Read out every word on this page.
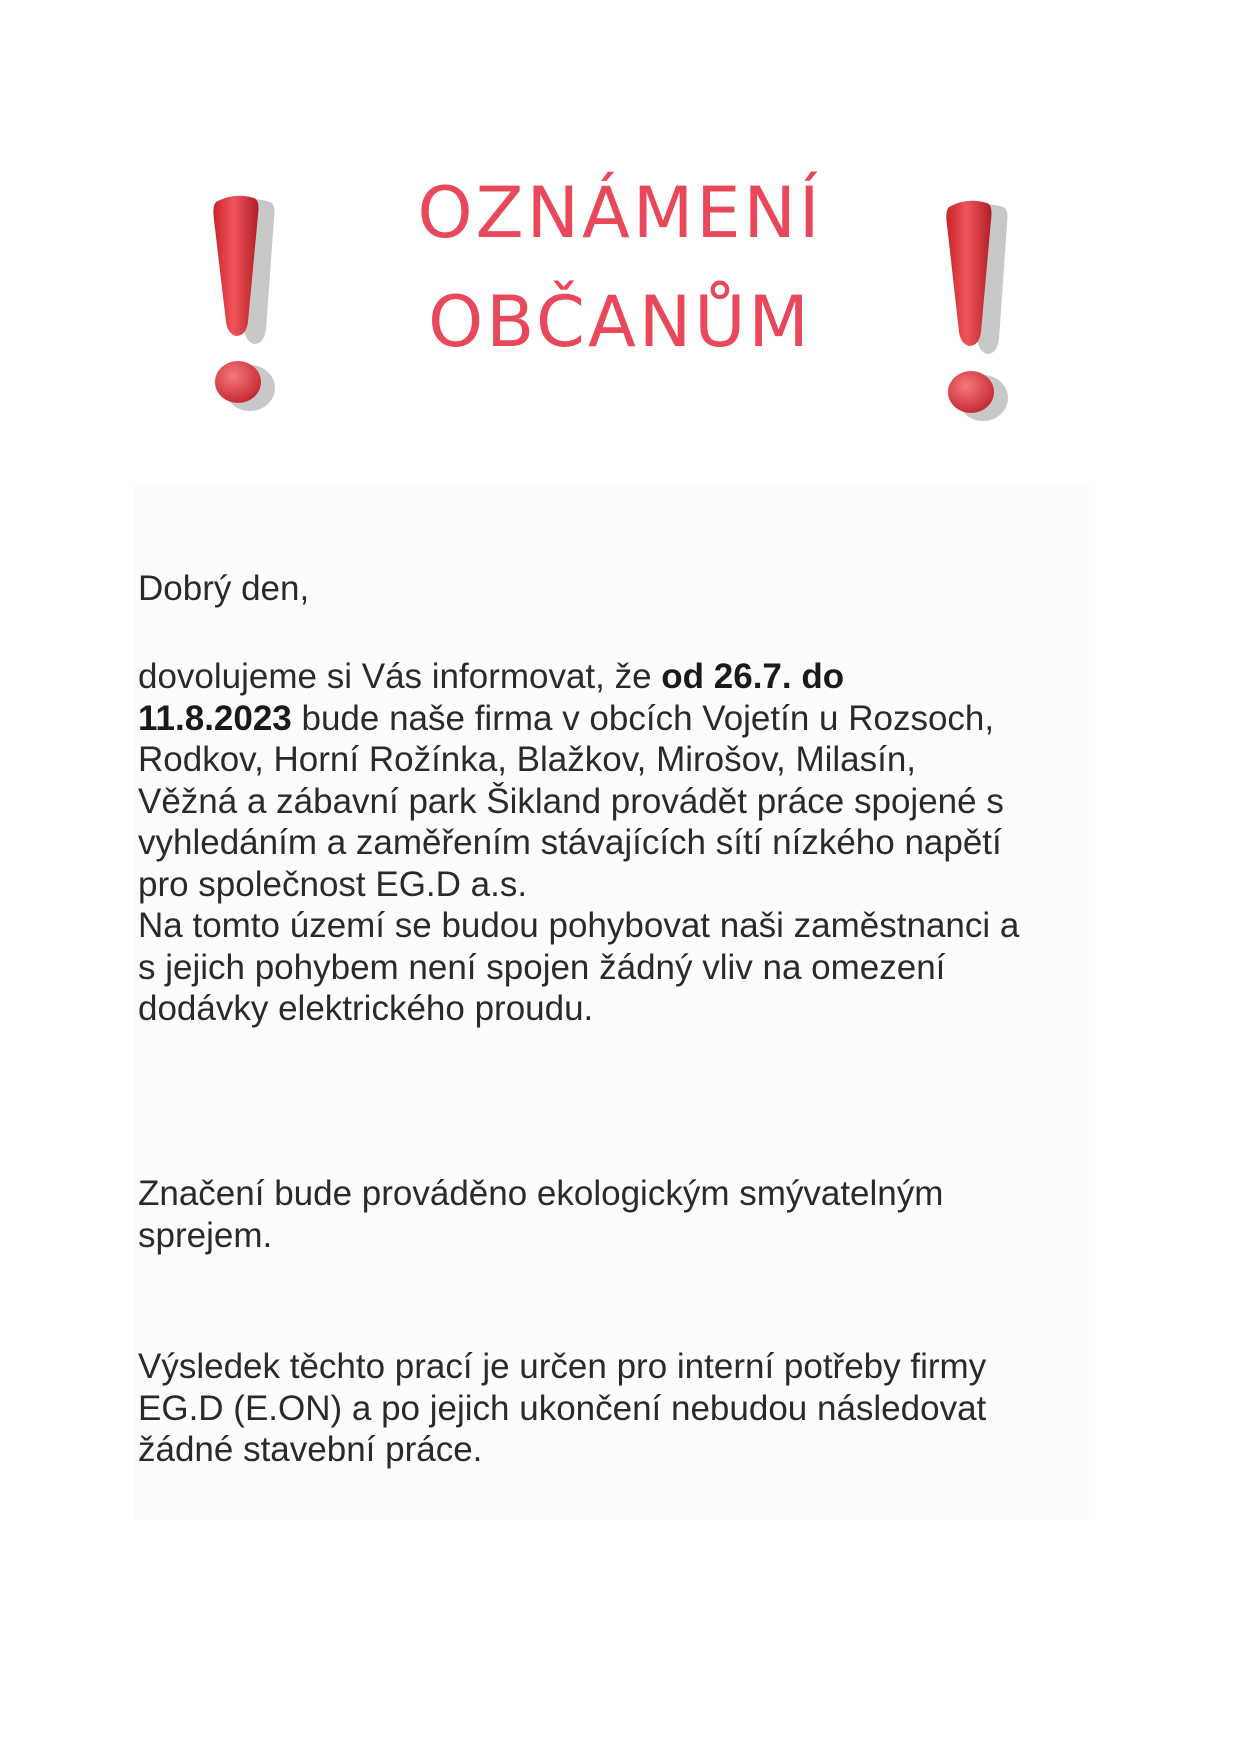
OZNÁMENÍ
OBČANŮM

Dobrý den,

dovolujeme si Vás informovat, že od 26.7. do
11.8.2023 bude naše firma v obcích Vojetín u Rozsoch,
Rodkov, Horní Rožínka, Blažkov, Mirošov, Milasín,
Věžná a zábavní park Šikland provádět práce spojené s
vyhledáním a zaměřením stávajících sítí nízkého napětí
pro společnost EG.D a.s.
Na tomto území se budou pohybovat naši zaměstnanci a
s jejich pohybem není spojen žádný vliv na omezení
dodávky elektrického proudu.

Značení bude prováděno ekologickým smývatelným
sprejem.

Výsledek těchto prací je určen pro interní potřeby firmy
EG.D (E.ON) a po jejich ukončení nebudou následovat
žádné stavební práce.
